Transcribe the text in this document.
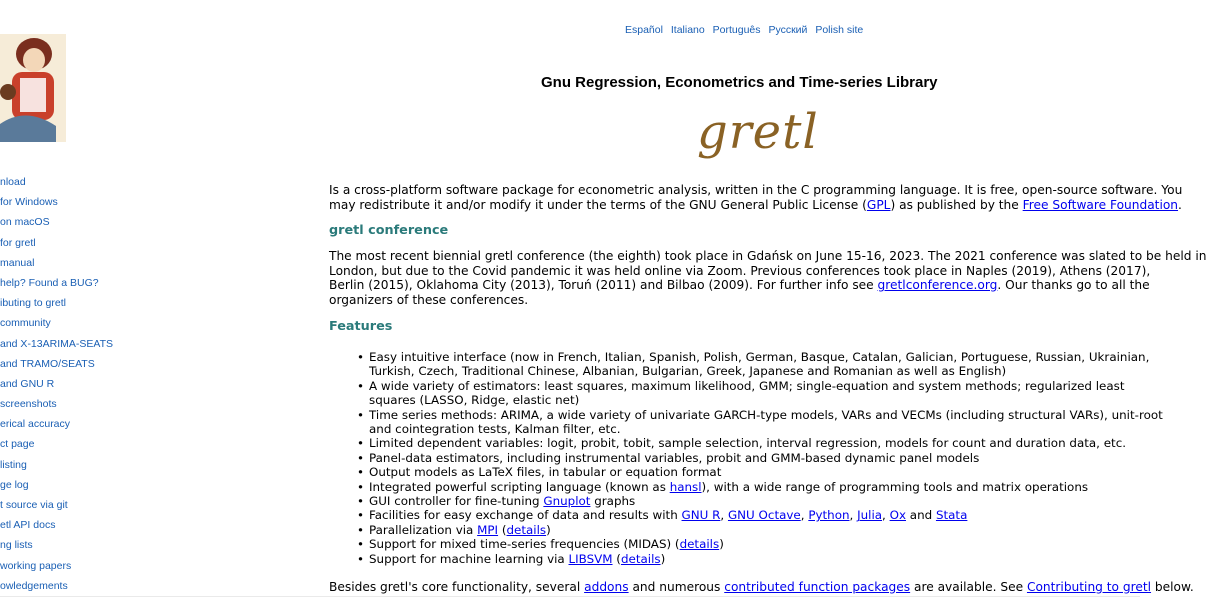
nload
for Windows
on macOS
for gretl
manual
help? Found a BUG?
ibuting to gretl
community
and X-13ARIMA-SEATS
and TRAMO/SEATS
and GNU R
screenshots
erical accuracy
ct page
listing
ge log
t source via git
etl API docs
ng lists
working papers
owledgements
Español Italiano Português Русский Polish site
Gnu Regression, Econometrics and Time-series Library
gretl
Is a cross-platform software package for econometric analysis, written in the C programming language. It is free, open-source software. You
may redistribute it and/or modify it under the terms of the GNU General Public License (GPL) as published by the Free Software Foundation.
gretl conference
The most recent biennial gretl conference (the eighth) took place in Gdańsk on June 15-16, 2023. The 2021 conference was slated to be held in
London, but due to the Covid pandemic it was held online via Zoom. Previous conferences took place in Naples (2019), Athens (2017),
Berlin (2015), Oklahoma City (2013), Toruń (2011) and Bilbao (2009). For further info see gretlconference.org. Our thanks go to all the
organizers of these conferences.
Features
• Easy intuitive interface (now in French, Italian, Spanish, Polish, German, Basque, Catalan, Galician, Portuguese, Russian, Ukrainian,
Turkish, Czech, Traditional Chinese, Albanian, Bulgarian, Greek, Japanese and Romanian as well as English)
• A wide variety of estimators: least squares, maximum likelihood, GMM; single-equation and system methods; regularized least
squares (LASSO, Ridge, elastic net)
• Time series methods: ARIMA, a wide variety of univariate GARCH-type models, VARs and VECMs (including structural VARs), unit-root
and cointegration tests, Kalman filter, etc.
• Limited dependent variables: logit, probit, tobit, sample selection, interval regression, models for count and duration data, etc.
• Panel-data estimators, including instrumental variables, probit and GMM-based dynamic panel models
• Output models as LaTeX files, in tabular or equation format
• Integrated powerful scripting language (known as hansl), with a wide range of programming tools and matrix operations
• GUI controller for fine-tuning Gnuplot graphs
• Facilities for easy exchange of data and results with GNU R, GNU Octave, Python, Julia, Ox and Stata
• Parallelization via MPI (details)
• Support for mixed time-series frequencies (MIDAS) (details)
• Support for machine learning via LIBSVM (details)
Besides gretl's core functionality, several addons and numerous contributed function packages are available. See Contributing to gretl below.
